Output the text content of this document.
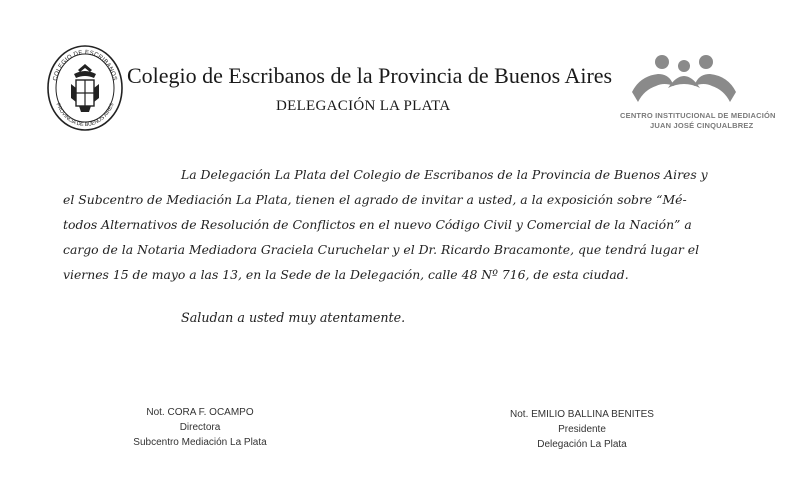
COLEGIO DE ESCRIBANOS
PROVINCIA DE BUENOS AIRES
Colegio de Escribanos de la Provincia de Buenos Aires
DELEGACIÓN LA PLATA
CENTRO INSTITUCIONAL DE MEDIACIÓN
JUAN JOSÉ CINQUALBREZ
La Delegación La Plata del Colegio de Escribanos de la Provincia de Buenos Aires y
el Subcentro de Mediación La Plata, tienen el agrado de invitar a usted, a la exposición sobre “Mé-
todos Alternativos de Resolución de Conflictos en el nuevo Código Civil y Comercial de la Nación” a
cargo de la Notaria Mediadora Graciela Curuchelar y el Dr. Ricardo Bracamonte, que tendrá lugar el
viernes 15 de mayo a las 13, en la Sede de la Delegación, calle 48 Nº 716, de esta ciudad.
Saludan a usted muy atentamente.
Not. CORA F. OCAMPO
Directora
Subcentro Mediación La Plata
Not. EMILIO BALLINA BENITES
Presidente
Delegación La Plata
